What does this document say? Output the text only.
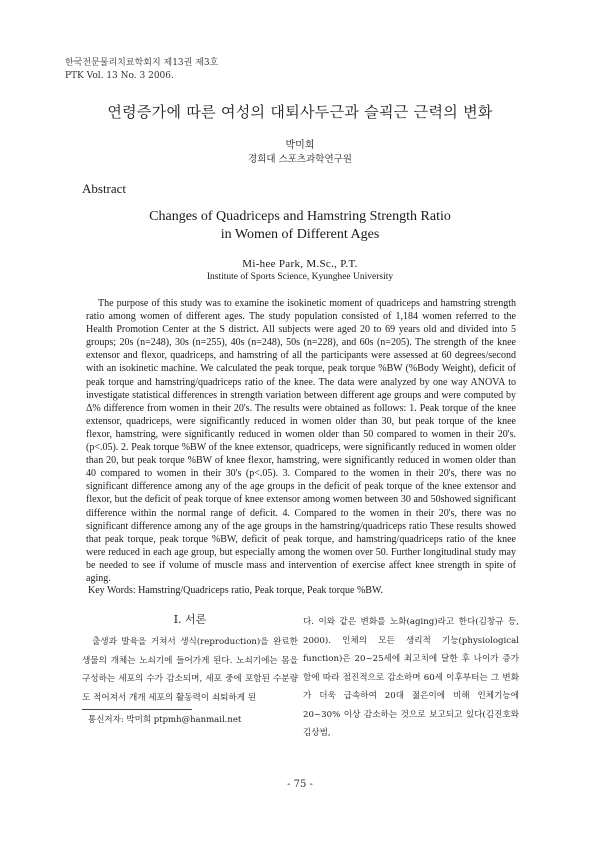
한국전문물리치료학회지 제13권 제3호
PTK Vol. 13 No. 3 2006.
연령증가에 따른 여성의 대퇴사두근과 슬괵근 근력의 변화
박미희
경희대 스포츠과학연구원
Abstract
Changes of Quadriceps and Hamstring Strength Ratio
in Women of Different Ages
Mi-hee Park, M.Sc., P.T.
Institute of Sports Science, Kyunghee University
The purpose of this study was to examine the isokinetic moment of quadriceps and hamstring strength ratio among women of different ages. The study population consisted of 1,184 women referred to the Health Promotion Center at the S district. All subjects were aged 20 to 69 years old and divided into 5 groups; 20s (n=248), 30s (n=255), 40s (n=248), 50s (n=228), and 60s (n=205). The strength of the knee extensor and flexor, quadriceps, and hamstring of all the participants were assessed at 60 degrees/second with an isokinetic machine. We calculated the peak torque, peak torque %BW (%Body Weight), deficit of peak torque and hamstring/quadriceps ratio of the knee. The data were analyzed by one way ANOVA to investigate statistical differences in strength variation between different age groups and were computed by Δ% difference from women in their 20's. The results were obtained as follows: 1. Peak torque of the knee extensor, quadriceps, were significantly reduced in women older than 30, but peak torque of the knee flexor, hamstring, were significantly reduced in women older than 50 compared to women in their 20's. (p<.05). 2. Peak torque %BW of the knee extensor, quadriceps, were significantly reduced in women older than 20, but peak torque %BW of knee flexor, hamstring, were significantly reduced in women older than 40 compared to women in their 30's (p<.05). 3. Compared to the women in their 20's, there was no significant difference among any of the age groups in the deficit of peak torque of the knee extensor and flexor, but the deficit of peak torque of knee extensor among women between 30 and 50showed significant difference within the normal range of deficit. 4. Compared to the women in their 20's, there was no significant difference among any of the age groups in the hamstring/quadriceps ratio These results showed that peak torque, peak torque %BW, deficit of peak torque, and hamstring/quadriceps ratio of the knee were reduced in each age group, but especially among the women over 50. Further longitudinal study may be needed to see if volume of muscle mass and intervention of exercise affect knee strength in spite of aging.
Key Words: Hamstring/Quadriceps ratio, Peak torque, Peak torque %BW.
Ⅰ. 서론

출생과 발육을 거쳐서 생식(reproduction)을 완료한 생물의 개체는 노쇠기에 들어가게 된다. 노쇠기에는 몸을 구성하는 세포의 수가 감소되며, 세포 중에 포함된 수분량도 적어져서 개개 세포의 활동력이 쇠퇴하게 된

다. 이와 같은 변화를 노화(aging)라고 한다(김창규 등, 2000). 인체의 모든 생리적 기능(physiological function)은 20~25세에 최고치에 달한 후 나이가 증가함에 따라 점진적으로 감소하며 60세 이후부터는 그 변화가 더욱 급속하여 20대 젊은이에 비해 인체기능에 20~30% 이상 감소하는 것으로 보고되고 있다(김진호와 김상범,

통신저자: 박미희 ptpmh@hanmail.net
- 75 -
